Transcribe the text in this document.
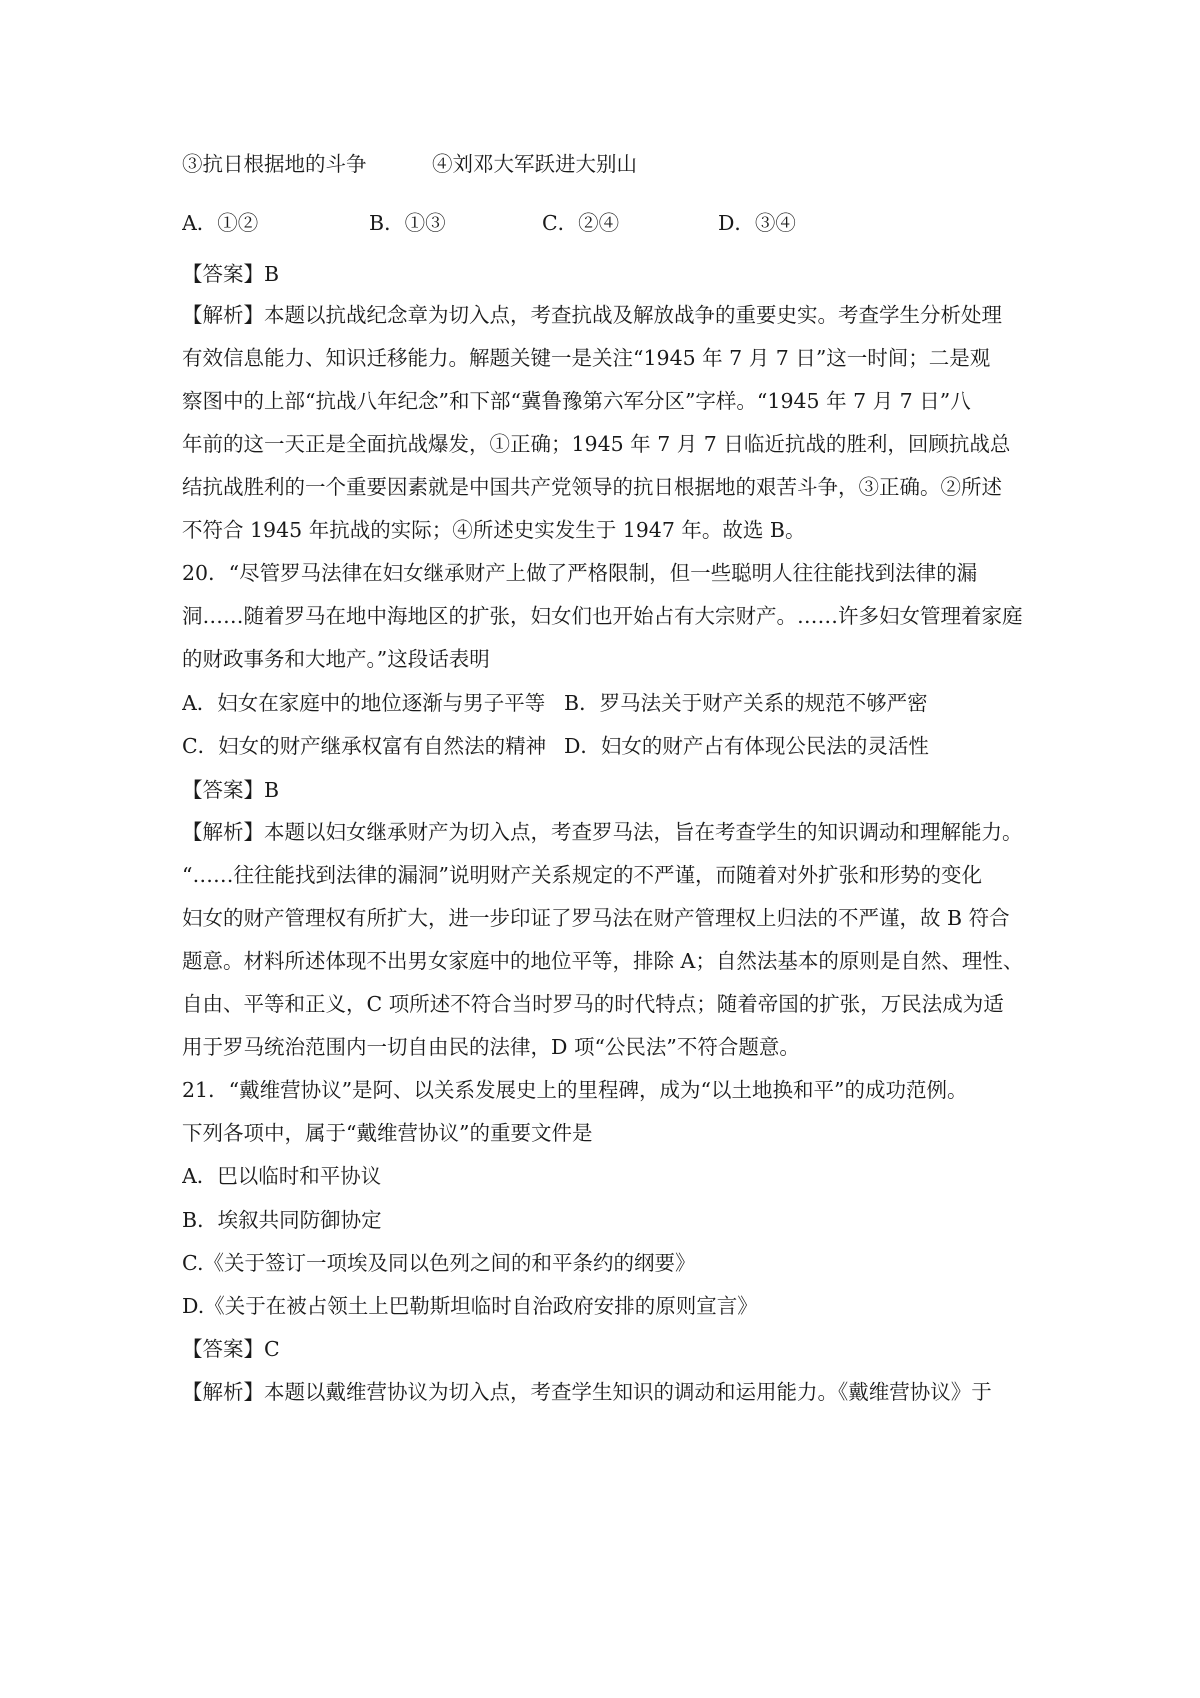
③抗日根据地的斗争	④刘邓大军跃进大别山
A．①②	B．①③	C．②④	D．③④
【答案】B
【解析】本题以抗战纪念章为切入点，考查抗战及解放战争的重要史实。考查学生分析处理
有效信息能力、知识迁移能力。解题关键一是关注“1945 年 7 月 7 日”这一时间；二是观
察图中的上部“抗战八年纪念”和下部“冀鲁豫第六军分区”字样。“1945 年 7 月 7 日”八
年前的这一天正是全面抗战爆发，①正确；1945 年 7 月 7 日临近抗战的胜利，回顾抗战总
结抗战胜利的一个重要因素就是中国共产党领导的抗日根据地的艰苦斗争，③正确。②所述
不符合 1945 年抗战的实际；④所述史实发生于 1947 年。故选 B。
20．“尽管罗马法律在妇女继承财产上做了严格限制，但一些聪明人往往能找到法律的漏
洞……随着罗马在地中海地区的扩张，妇女们也开始占有大宗财产。……许多妇女管理着家庭
的财政事务和大地产。”这段话表明
A．妇女在家庭中的地位逐渐与男子平等 B．罗马法关于财产关系的规范不够严密
C．妇女的财产继承权富有自然法的精神 D．妇女的财产占有体现公民法的灵活性
【答案】B
【解析】本题以妇女继承财产为切入点，考查罗马法，旨在考查学生的知识调动和理解能力。
“……往往能找到法律的漏洞”说明财产关系规定的不严谨，而随着对外扩张和形势的变化
妇女的财产管理权有所扩大，进一步印证了罗马法在财产管理权上归法的不严谨，故 B 符合
题意。材料所述体现不出男女家庭中的地位平等，排除 A；自然法基本的原则是自然、理性、
自由、平等和正义，C 项所述不符合当时罗马的时代特点；随着帝国的扩张，万民法成为适
用于罗马统治范围内一切自由民的法律，D 项“公民法”不符合题意。
21．“戴维营协议”是阿、以关系发展史上的里程碑，成为“以土地换和平”的成功范例。
下列各项中，属于“戴维营协议”的重要文件是
A．巴以临时和平协议
B．埃叙共同防御协定
C.《关于签订一项埃及同以色列之间的和平条约的纲要》
D.《关于在被占领土上巴勒斯坦临时自治政府安排的原则宣言》
【答案】C
【解析】本题以戴维营协议为切入点，考查学生知识的调动和运用能力。《戴维营协议》于
